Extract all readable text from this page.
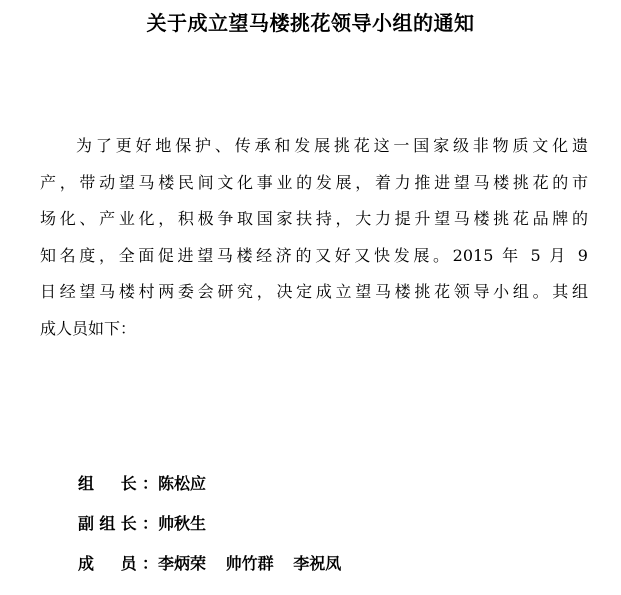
关于成立望马楼挑花领导小组的通知
为了更好地保护、传承和发展挑花这一国家级非物质文化遗
产，带动望马楼民间文化事业的发展，着力推进望马楼挑花的市
场化、产业化，积极争取国家扶持，大力提升望马楼挑花品牌的
知名度，全面促进望马楼经济的又好又快发展。2015 年 5 月 9
日经望马楼村两委会研究，决定成立望马楼挑花领导小组。其组
成人员如下：
组　长： 陈松应
副组长： 帅秋生
成　员： 李炳荣 帅竹群 李祝凤
